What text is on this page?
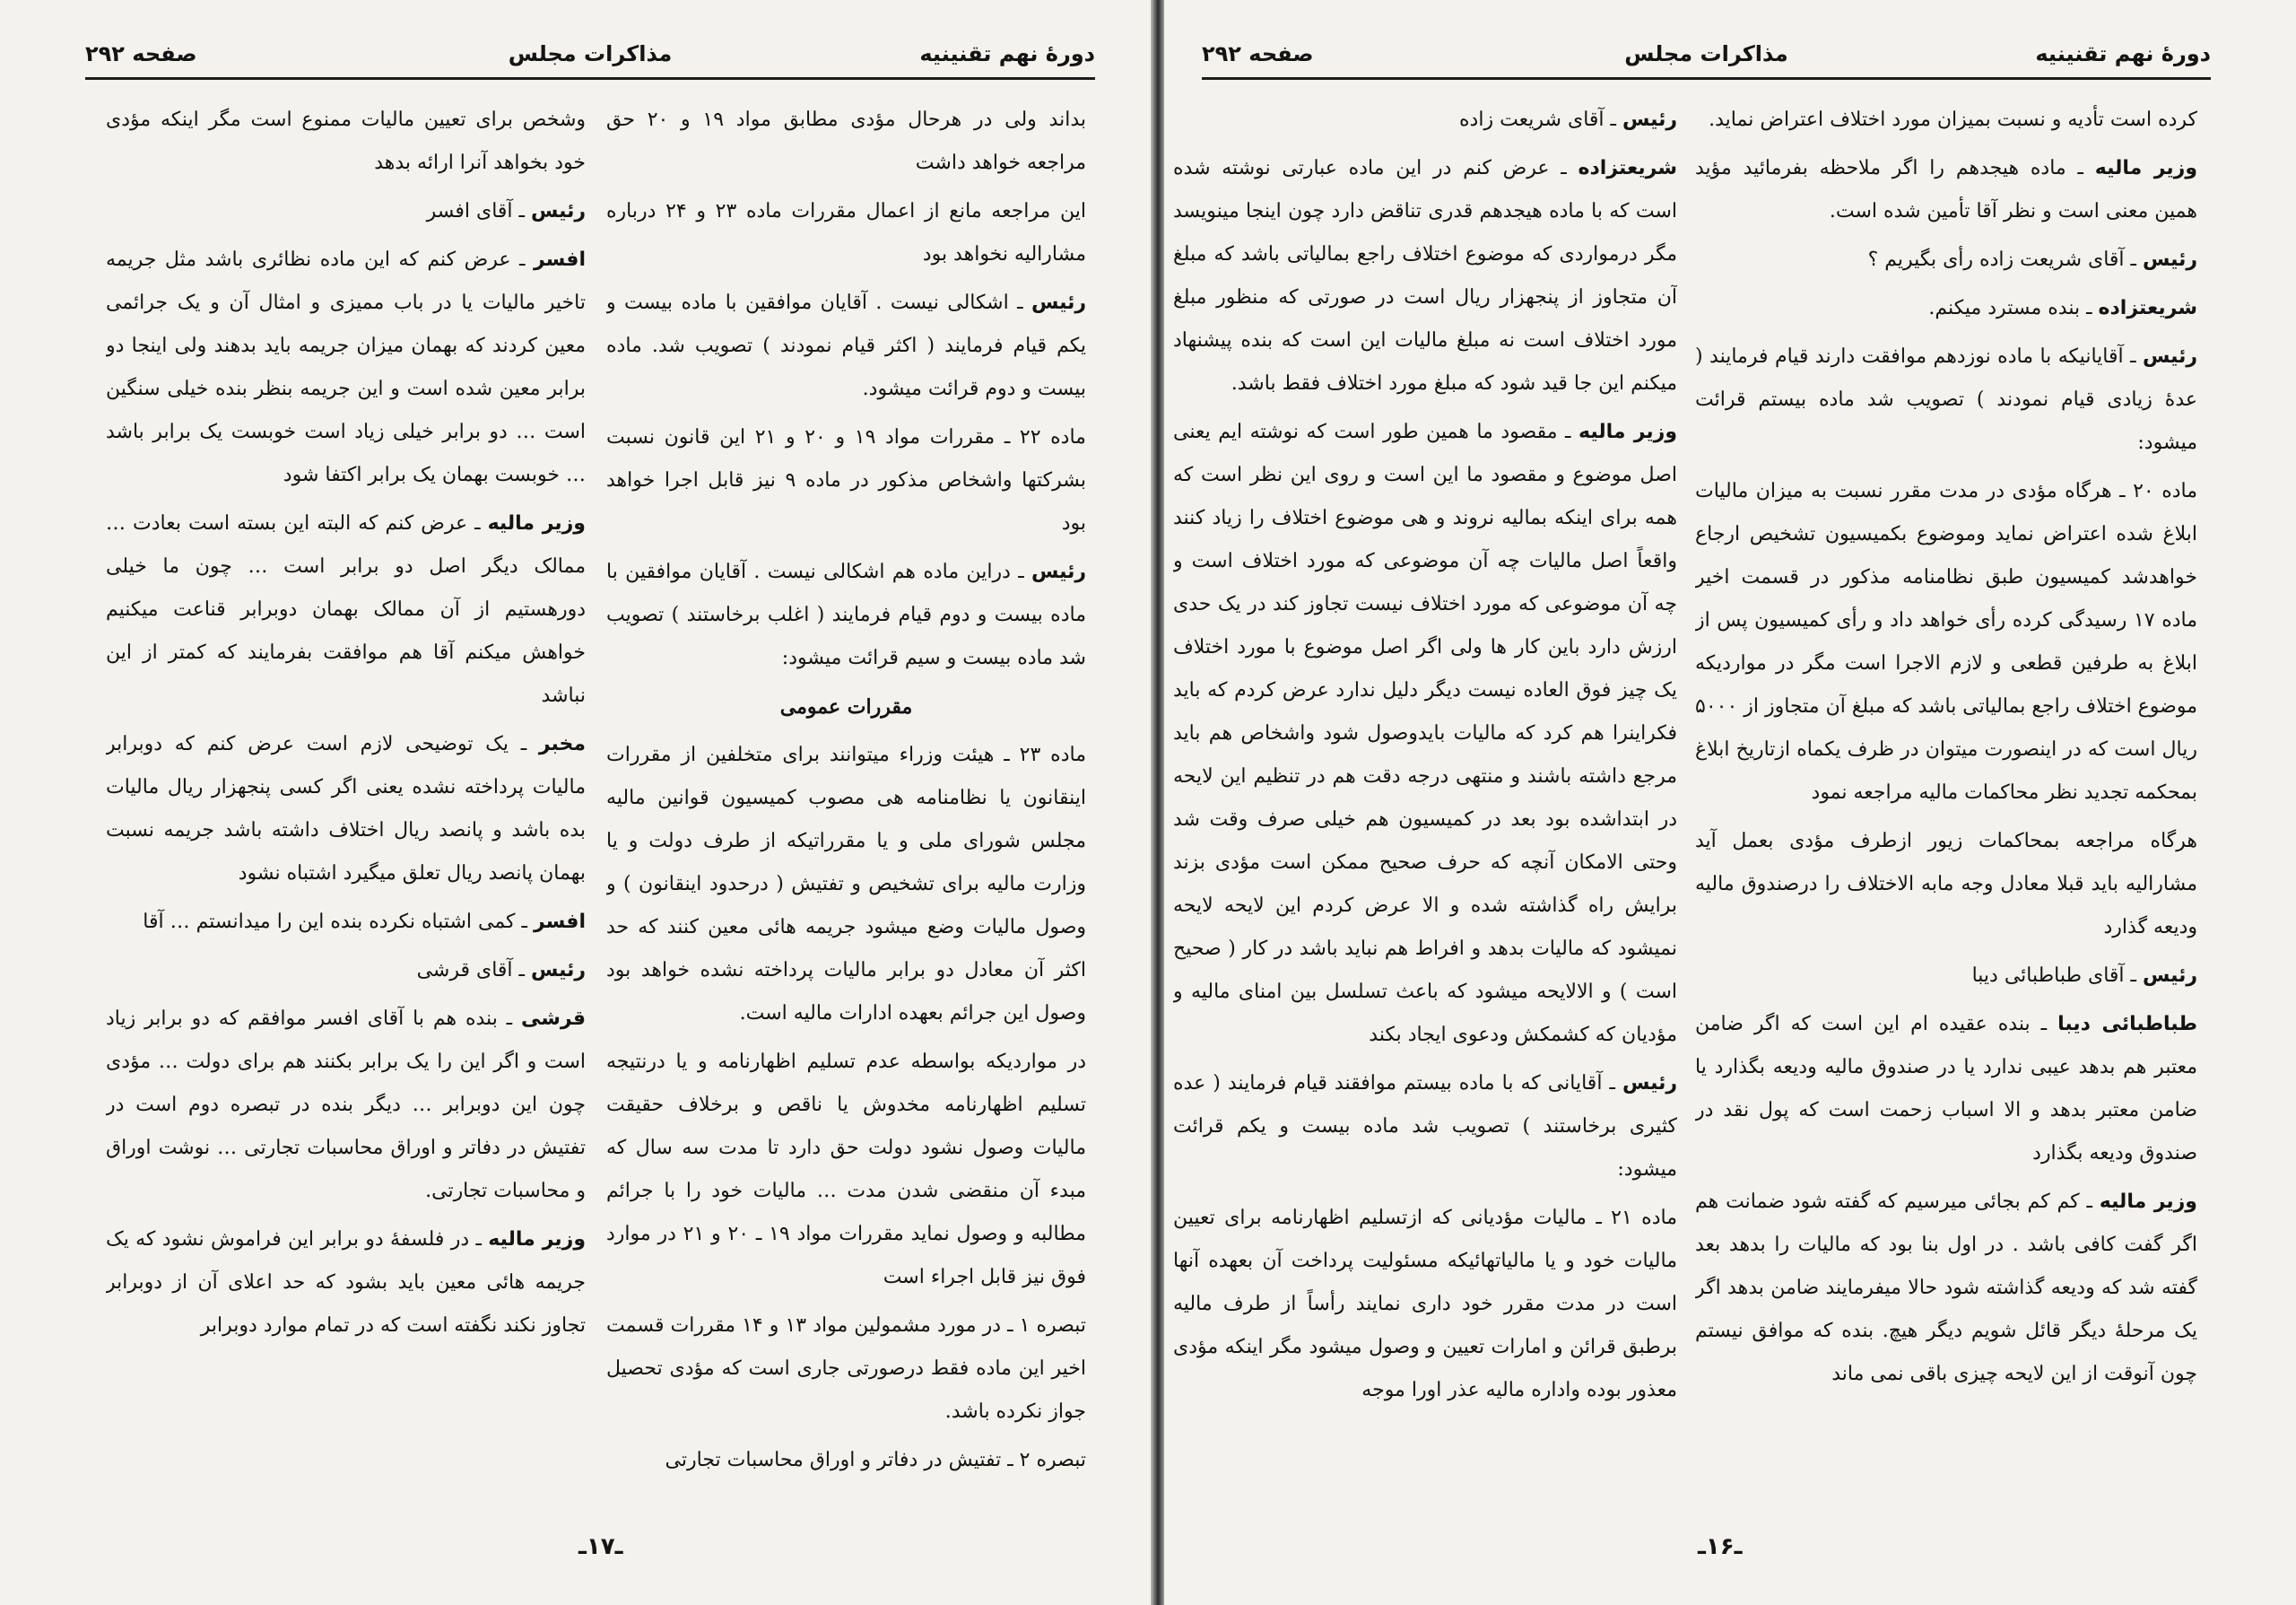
دورهٔ نهم تقنینیه
مذاکرات مجلس
صفحه ۲۹۲

بداند ولی در هرحال مؤدی مطابق مواد ۱۹ و ۲۰ حق مراجعه خواهد داشت

این مراجعه مانع از اعمال مقررات ماده ۲۳ و ۲۴ درباره مشارالیه نخواهد بود

رئیس ـ اشکالی نیست . آقایان موافقین با ماده بیست و یکم قیام فرمایند ( اکثر قیام نمودند ) تصویب شد. ماده بیست و دوم قرائت میشود.

ماده ۲۲ ـ مقررات مواد ۱۹ و ۲۰ و ۲۱ این قانون نسبت بشرکتها واشخاص مذکور در ماده ۹ نیز قابل اجرا خواهد بود

رئیس ـ دراین ماده هم اشکالی نیست . آقایان موافقین با ماده بیست و دوم قیام فرمایند ( اغلب برخاستند ) تصویب شد ماده بیست و سیم قرائت میشود:

مقررات عمومی

ماده ۲۳ ـ هیئت وزراء میتوانند برای متخلفین از مقررات اینقانون یا نظامنامه هی مصوب کمیسیون قوانین مالیه مجلس شورای ملی و یا مقرراتیکه از طرف دولت و یا وزارت مالیه برای تشخیص و تفتیش ( درحدود اینقانون ) و وصول مالیات وضع میشود جریمه هائی معین کنند که حد اکثر آن معادل دو برابر مالیات پرداخته نشده خواهد بود وصول این جرائم بعهده ادارات مالیه است.

در مواردیکه بواسطه عدم تسلیم اظهارنامه و یا درنتیجه تسلیم اظهارنامه مخدوش یا ناقص و برخلاف حقیقت مالیات وصول نشود دولت حق دارد تا مدت سه سال که مبدء آن منقضی شدن مدت … مالیات خود را با جرائم مطالبه و وصول نماید مقررات مواد ۱۹ ـ ۲۰ و ۲۱ در موارد فوق نیز قابل اجراء است

تبصره ۱ ـ در مورد مشمولین مواد ۱۳ و ۱۴ مقررات قسمت اخیر این ماده فقط درصورتی جاری است که مؤدی تحصیل جواز نکرده باشد.

تبصره ۲ ـ تفتیش در دفاتر و اوراق محاسبات تجارتی

وشخص برای تعیین مالیات ممنوع است مگر اینکه مؤدی خود بخواهد آنرا ارائه بدهد

رئیس ـ آقای افسر

افسر ـ عرض کنم که این ماده نظائری باشد مثل جریمه تاخیر مالیات یا در باب ممیزی و امثال آن و یک جرائمی معین کردند که بهمان میزان جریمه باید بدهند ولی اینجا دو برابر معین شده است و این جریمه بنظر بنده خیلی سنگین است … دو برابر خیلی زیاد است خوبست یک برابر باشد … خوبست بهمان یک برابر اکتفا شود

وزیر مالیه ـ عرض کنم که البته این بسته است بعادت … ممالک دیگر اصل دو برابر است … چون ما خیلی دورهستیم از آن ممالک بهمان دوبرابر قناعت میکنیم خواهش میکنم آقا هم موافقت بفرمایند که کمتر از این نباشد

مخبر ـ یک توضیحی لازم است عرض کنم که دوبرابر مالیات پرداخته نشده یعنی اگر کسی پنجهزار ریال مالیات بده باشد و پانصد ریال اختلاف داشته باشد جریمه نسبت بهمان پانصد ریال تعلق میگیرد اشتباه نشود

افسر ـ کمی اشتباه نکرده بنده این را میدانستم … آقا

رئیس ـ آقای قرشی

قرشی ـ بنده هم با آقای افسر موافقم که دو برابر زیاد است و اگر این را یک برابر بکنند هم برای دولت … مؤدی چون این دوبرابر … دیگر بنده در تبصره دوم است در تفتیش در دفاتر و اوراق محاسبات تجارتی … نوشت اوراق و محاسبات تجارتی.

وزیر مالیه ـ در فلسفهٔ دو برابر این فراموش نشود که یک جریمه هائی معین باید بشود که حد اعلای آن از دوبرابر تجاوز نکند نگفته است که در تمام موارد دوبرابر

ـ۱۷ـ
دورهٔ نهم تقنینیه
مذاکرات مجلس
صفحه ۲۹۲

کرده است تأدیه و نسبت بمیزان مورد اختلاف اعتراض نماید.

وزیر مالیه ـ ماده هیجدهم را اگر ملاحظه بفرمائید مؤید همین معنی است و نظر آقا تأمین شده است.

رئیس ـ آقای شریعت زاده رأی بگیریم ؟

شریعتزاده ـ بنده مسترد میکنم.

رئیس ـ آقایانیکه با ماده نوزدهم موافقت دارند قیام فرمایند ( عدهٔ زیادی قیام نمودند ) تصویب شد ماده بیستم قرائت میشود:

ماده ۲۰ ـ هرگاه مؤدی در مدت مقرر نسبت به میزان مالیات ابلاغ شده اعتراض نماید وموضوع بکمیسیون تشخیص ارجاع خواهدشد کمیسیون طبق نظامنامه مذکور در قسمت اخیر ماده ۱۷ رسیدگی کرده رأی خواهد داد و رأی کمیسیون پس از ابلاغ به طرفین قطعی و لازم الاجرا است مگر در مواردیکه موضوع اختلاف راجع بمالیاتی باشد که مبلغ آن متجاوز از ۵۰۰۰ ریال است که در اینصورت میتوان در ظرف یکماه ازتاریخ ابلاغ بمحکمه تجدید نظر محاکمات مالیه مراجعه نمود

هرگاه مراجعه بمحاکمات زیور ازطرف مؤدی بعمل آید مشارالیه باید قبلا معادل وجه مابه الاختلاف را درصندوق مالیه ودیعه گذارد

رئیس ـ آقای طباطبائی دیبا

طباطبائی دیبا ـ بنده عقیده ام این است که اگر ضامن معتبر هم بدهد عیبی ندارد یا در صندوق مالیه ودیعه بگذارد یا ضامن معتبر بدهد و الا اسباب زحمت است که پول نقد در صندوق ودیعه بگذارد

وزیر مالیه ـ کم کم بجائی میرسیم که گفته شود ضمانت هم اگر گفت کافی باشد . در اول بنا بود که مالیات را بدهد بعد گفته شد که ودیعه گذاشته شود حالا میفرمایند ضامن بدهد اگر یک مرحلهٔ دیگر قائل شویم دیگر هیچ. بنده که موافق نیستم چون آنوقت از این لایحه چیزی باقی نمی ماند

رئیس ـ آقای شریعت زاده

شریعتزاده ـ عرض کنم در این ماده عبارتی نوشته شده است که با ماده هیجدهم قدری تناقض دارد چون اینجا مینویسد مگر درمواردی که موضوع اختلاف راجع بمالیاتی باشد که مبلغ آن متجاوز از پنجهزار ریال است در صورتی که منظور مبلغ مورد اختلاف است نه مبلغ مالیات این است که بنده پیشنهاد میکنم این جا قید شود که مبلغ مورد اختلاف فقط باشد.

وزیر مالیه ـ مقصود ما همین طور است که نوشته ایم یعنی اصل موضوع و مقصود ما این است و روی این نظر است که همه برای اینکه بمالیه نروند و هی موضوع اختلاف را زیاد کنند واقعاً اصل مالیات چه آن موضوعی که مورد اختلاف است و چه آن موضوعی که مورد اختلاف نیست تجاوز کند در یک حدی ارزش دارد باین کار ها ولی اگر اصل موضوع با مورد اختلاف یک چیز فوق العاده نیست دیگر دلیل ندارد عرض کردم که باید فکراینرا هم کرد که مالیات بایدوصول شود واشخاص هم باید مرجع داشته باشند و منتهی درجه دقت هم در تنظیم این لایحه در ابتداشده بود بعد در کمیسیون هم خیلی صرف وقت شد وحتی الامکان آنچه که حرف صحیح ممکن است مؤدی بزند برایش راه گذاشته شده و الا عرض کردم این لایحه لایحه نمیشود که مالیات بدهد و افراط هم نباید باشد در کار ( صحیح است ) و الالایحه میشود که باعث تسلسل بین امنای مالیه و مؤدیان که کشمکش ودعوی ایجاد بکند

رئیس ـ آقایانی که با ماده بیستم موافقند قیام فرمایند ( عده کثیری برخاستند ) تصویب شد ماده بیست و یکم قرائت میشود:

ماده ۲۱ ـ مالیات مؤدیانی که ازتسلیم اظهارنامه برای تعیین مالیات خود و یا مالیاتهائیکه مسئولیت پرداخت آن بعهده آنها است در مدت مقرر خود داری نمایند رأساً از طرف مالیه برطبق قرائن و امارات تعیین و وصول میشود مگر اینکه مؤدی معذور بوده واداره مالیه عذر اورا موجه

ـ۱۶ـ
